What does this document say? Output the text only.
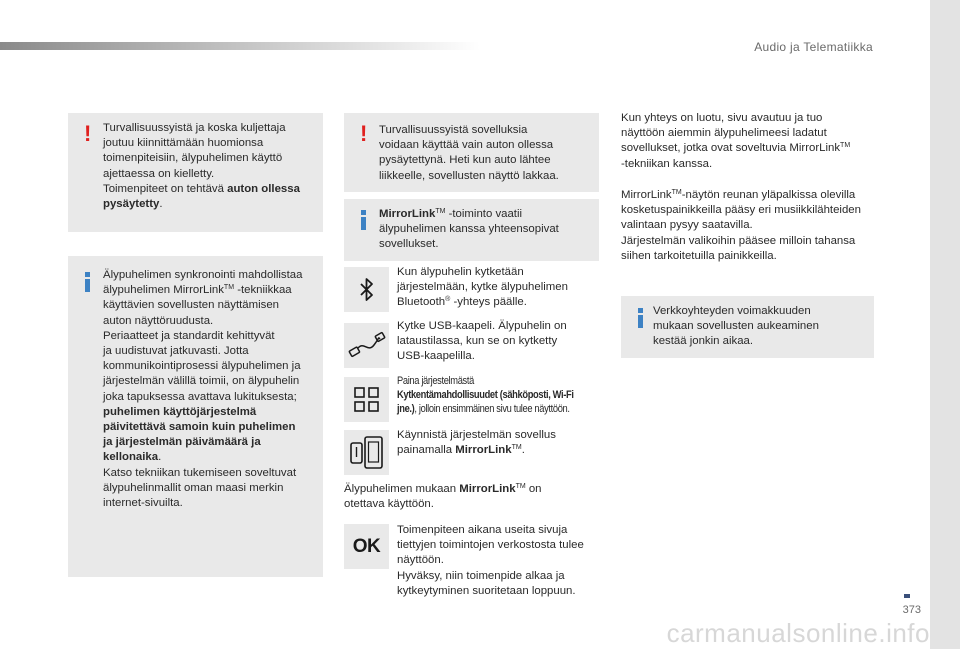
Audio ja Telematiikka
373
carmanualsonline.info
! Turvallisuussyistä ja koska kuljettaja
joutuu kiinnittämään huomionsa
toimenpiteisiin, älypuhelimen käyttö
ajettaessa on kielletty.
Toimenpiteet on tehtävä auton ollessa
pysäytetty.
Älypuhelimen synkronointi mahdollistaa
älypuhelimen MirrorLink™ -tekniikkaa
käyttävien sovellusten näyttämisen
auton näyttöruudusta.
Periaatteet ja standardit kehittyvät
ja uudistuvat jatkuvasti. Jotta
kommunikointiprosessi älypuhelimen ja
järjestelmän välillä toimii, on älypuhelin
joka tapuksessa avattava lukituksesta;
puhelimen käyttöjärjestelmä
päivitettävä samoin kuin puhelimen
ja järjestelmän päivämäärä ja
kellonaika.
Katso tekniikan tukemiseen soveltuvat
älypuhelinmallit oman maasi merkin
internet-sivuilta.
! Turvallisuussyistä sovelluksia
voidaan käyttää vain auton ollessa
pysäytettynä. Heti kun auto lähtee
liikkeelle, sovellusten näyttö lakkaa.
MirrorLink™ -toiminto vaatii
älypuhelimen kanssa yhteensopivat
sovellukset.
Kun älypuhelin kytketään
järjestelmään, kytke älypuhelimen
Bluetooth® -yhteys päälle.
Kytke USB-kaapeli. Älypuhelin on
lataustilassa, kun se on kytketty
USB-kaapelilla.
Paina järjestelmästä
Kytkentämahdollisuudet (sähköposti, Wi-Fi
jne.), jolloin ensimmäinen sivu tulee näyttöön.
Käynnistä järjestelmän sovellus
painamalla MirrorLink™.
Älypuhelimen mukaan MirrorLink™ on
otettava käyttöön.
OK
Toimenpiteen aikana useita sivuja
tiettyjen toimintojen verkostosta tulee
näyttöön.
Hyväksy, niin toimenpide alkaa ja
kytkeytyminen suoritetaan loppuun.
Kun yhteys on luotu, sivu avautuu ja tuo
näyttöön aiemmin älypuhelimeesi ladatut
sovellukset, jotka ovat soveltuvia MirrorLink™
-tekniikan kanssa.
MirrorLink™-näytön reunan yläpalkissa olevilla
kosketuspainikkeilla pääsy eri musiikkilähteiden
valintaan pysyy saatavilla.
Järjestelmän valikoihin pääsee milloin tahansa
siihen tarkoitetuilla painikkeilla.
Verkkoyhteyden voimakkuuden
mukaan sovellusten aukeaminen
kestää jonkin aikaa.
